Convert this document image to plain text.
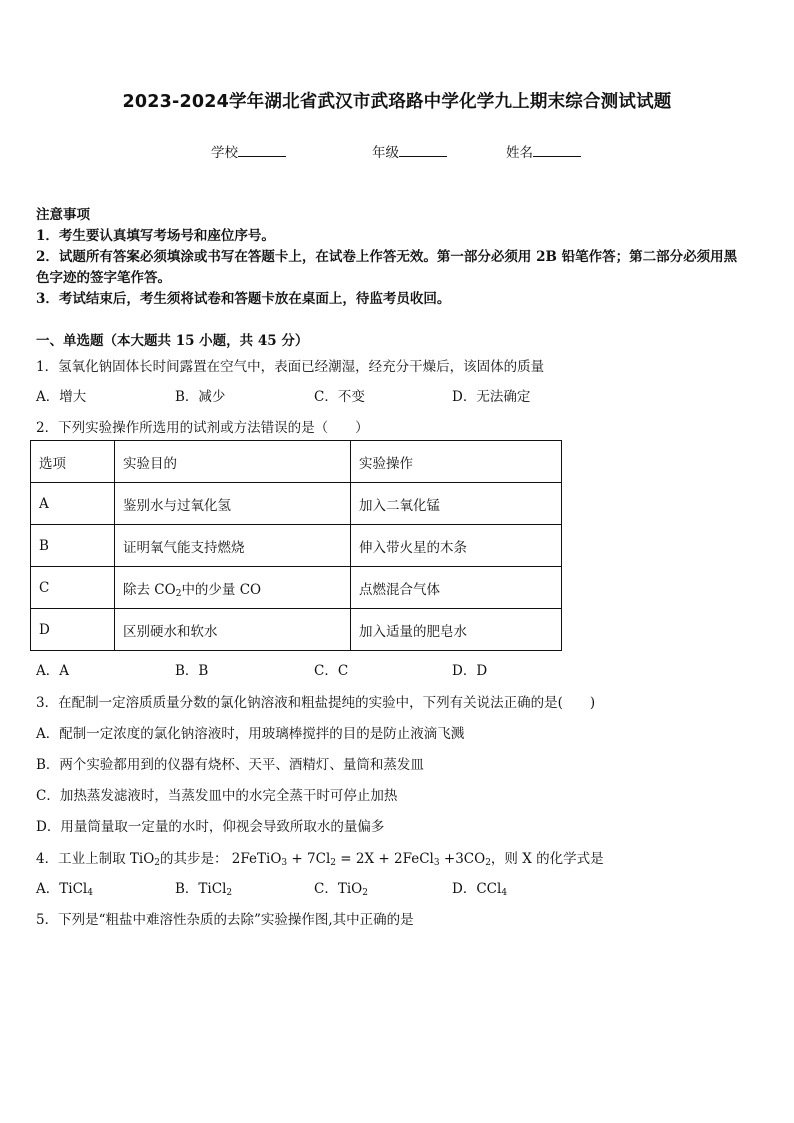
2023-2024学年湖北省武汉市武珞路中学化学九上期末综合测试试题
学校	年级	姓名
注意事项
1．考生要认真填写考场号和座位序号。
2．试题所有答案必须填涂或书写在答题卡上，在试卷上作答无效。第一部分必须用 2B 铅笔作答；第二部分必须用黑
色字迹的签字笔作答。
3．考试结束后，考生须将试卷和答题卡放在桌面上，待监考员收回。
一、单选题（本大题共 15 小题，共 45 分）
1．氢氧化钠固体长时间露置在空气中，表面已经潮湿，经充分干燥后，该固体的质量
A．增大	B．减少	C．不变	D．无法确定
2．下列实验操作所选用的试剂或方法错误的是（　　）
选项	实验目的	实验操作
A	鉴别水与过氧化氢	加入二氧化锰
B	证明氧气能支持燃烧	伸入带火星的木条
C	除去 $CO_2$中的少量 CO	点燃混合气体
D	区别硬水和软水	加入适量的肥皂水
A．A	B．B	C．C	D．D
3．在配制一定溶质质量分数的氯化钠溶液和粗盐提纯的实验中，下列有关说法正确的是(　　)
A．配制一定浓度的氯化钠溶液时，用玻璃棒搅拌的目的是防止液滴飞溅
B．两个实验都用到的仪器有烧杯、天平、酒精灯、量筒和蒸发皿
C．加热蒸发滤液时，当蒸发皿中的水完全蒸干时可停止加热
D．用量筒量取一定量的水时，仰视会导致所取水的量偏多
4．工业上制取 TiO$_2$的其步是： 2FeTiO$_3$ + $7Cl_2 = 2X$ + 2FeCl$_3$ $+3CO_2$，则 X 的化学式是
A．TiCl$_4$	B．TiCl$_2$	C．TiO$_2$	D．CCl$_4$
5．下列是“粗盐中难溶性杂质的去除”实验操作图,其中正确的是
